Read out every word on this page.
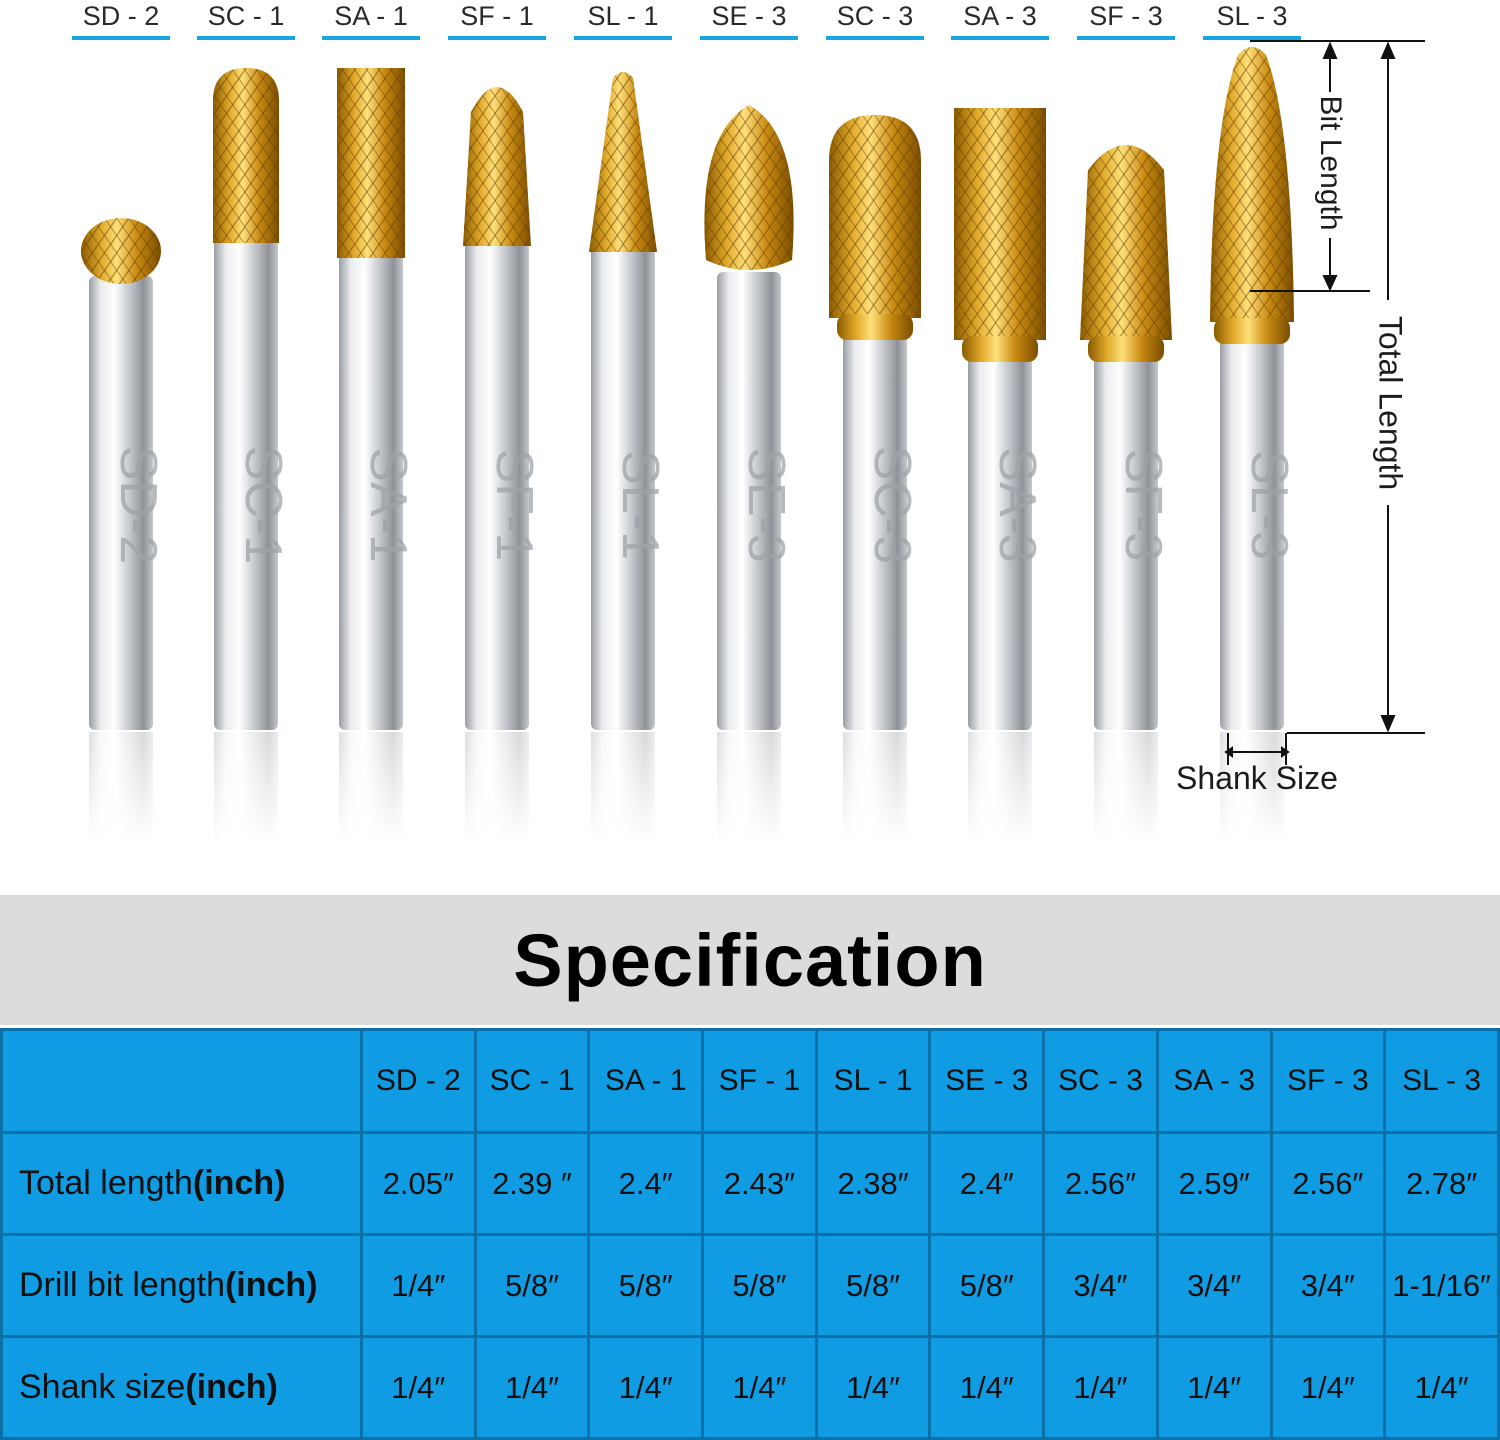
SD-2 SC-1 SA-1 SF-1 SL-1 SE-3 SC-3 SA-3 SF-3 SL-3
SD - 2	SC - 1	SA - 1	SF - 1	SL - 1	SE - 3	SC - 3	SA - 3	SF - 3	SL - 3
Bit Length
Total Length
Shank Size
Specification
	SD - 2	SC - 1	SA - 1	SF - 1	SL - 1	SE - 3	SC - 3	SA - 3	SF - 3	SL - 3
Total length(inch)	2.05″	2.39 ″	2.4″	2.43″	2.38″	2.4″	2.56″	2.59″	2.56″	2.78″
Drill bit length(inch)	1/4″	5/8″	5/8″	5/8″	5/8″	5/8″	3/4″	3/4″	3/4″	1-1/16″
Shank size(inch)	1/4″	1/4″	1/4″	1/4″	1/4″	1/4″	1/4″	1/4″	1/4″	1/4″
